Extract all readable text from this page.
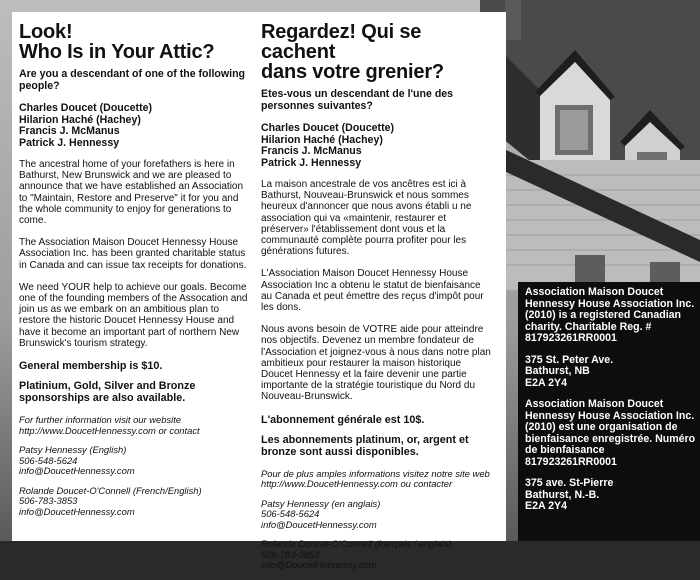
Look!
Who Is in Your Attic?
Are you a descendant of one of the following people?
Charles Doucet (Doucette)
Hilarion Haché (Hachey)
Francis J. McManus
Patrick J. Hennessy
The ancestral home of your forefathers is here in Bathurst, New Brunswick and we are pleased to announce that we have established an Association to "Maintain, Restore and Preserve" it for you and the whole community to enjoy for generations to come.
The Association Maison Doucet Hennessy House Association Inc. has been granted charitable status in Canada and can issue tax receipts for donations.
We need YOUR help to achieve our goals. Become one of the founding members of the Assocation and join us as we embark on an ambitious plan to restore the historic Doucet Hennessy House and have it become an important part of northern New Brunswick's tourism strategy.
General membership is $10.
Platinium, Gold, Silver and Bronze sponsorships are also available.
For further information visit our website http://www.DoucetHennessy.com or contact
Patsy Hennessy (English)
506-548-5624
info@DoucetHennessy.com
Rolande Doucet-O'Connell (French/English)
506-783-3853
info@DoucetHennessy.com
Regardez! Qui se cachent
dans votre grenier?
Etes-vous un descendant de l'une des personnes suivantes?
Charles Doucet (Doucette)
Hilarion Haché (Hachey)
Francis J. McManus
Patrick J. Hennessy
La maison ancestrale de vos ancêtres est ici à Bathurst, Nouveau-Brunswick et nous sommes heureux d'annoncer que nous avons établi u ne association qui va «maintenir, restaurer et préserver» l'établissement dont vous et la communauté complète pourra profiter pour les générations futures.
L'Association Maison Doucet Hennessy House Association Inc a obtenu le statut de bienfaisance au Canada et peut émettre des reçus d'impôt pour les dons.
Nous avons besoin de VOTRE aide pour atteindre nos objectifs. Devenez un membre fondateur de l'Association et joignez-vous à nous dans notre plan ambitieux pour restaurer la maison historique Doucet Hennessy et la faire devenir une partie importante de la stratégie touristique du Nord du Nouveau-Brunswick.
L'abonnement générale est 10$.
Les abonnements platinum, or, argent et bronze sont aussi disponibles.
Pour de plus amples informations visitez notre site web http://www.DoucetHennessy.com ou contacter
Patsy Hennessy (en anglais)
506-548-5624
info@DoucetHennessy.com
Rolande Doucet-O'Connell (français / anglais)
506-783-3853
info@DoucetHennessy.com
Association Maison Doucet Hennessy House Association Inc. (2010) is a registered Canadian charity. Charitable Reg. # 817923261RR0001
375 St. Peter Ave.
Bathurst, NB
E2A 2Y4
Association Maison Doucet Hennessy House Association Inc. (2010) est une organisation de bienfaisance enregistrée. Numéro de bienfaisance 817923261RR0001
375 ave. St-Pierre
Bathurst, N.-B.
E2A 2Y4
